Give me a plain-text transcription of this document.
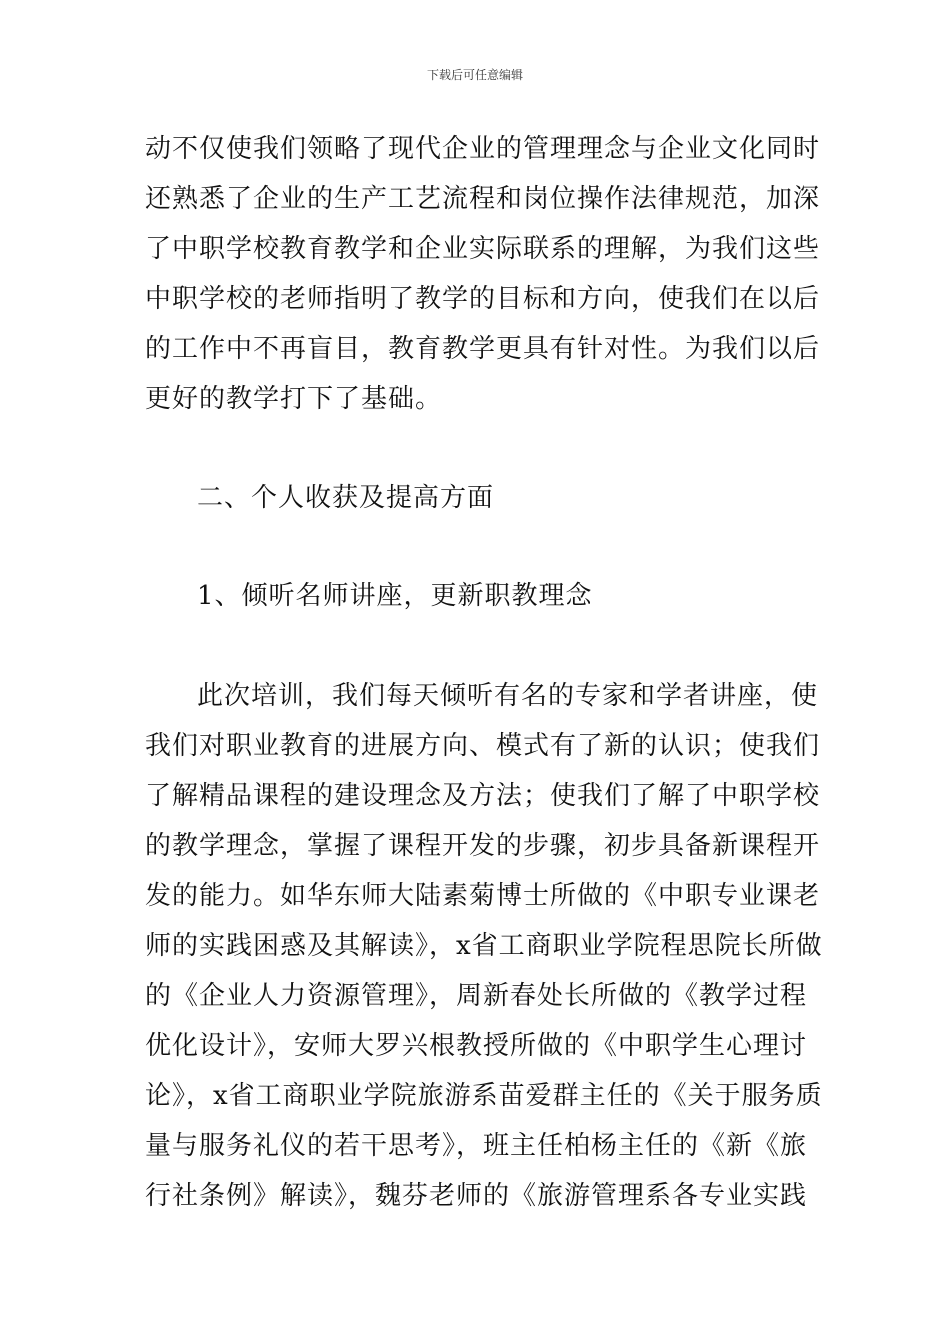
下载后可任意编辑
动不仅使我们领略了现代企业的管理理念与企业文化同时
还熟悉了企业的生产工艺流程和岗位操作法律规范，加深
了中职学校教育教学和企业实际联系的理解，为我们这些
中职学校的老师指明了教学的目标和方向，使我们在以后
的工作中不再盲目，教育教学更具有针对性。为我们以后
更好的教学打下了基础。
二、个人收获及提高方面
1、倾听名师讲座，更新职教理念
此次培训，我们每天倾听有名的专家和学者讲座，使
我们对职业教育的进展方向、模式有了新的认识；使我们
了解精品课程的建设理念及方法；使我们了解了中职学校
的教学理念，掌握了课程开发的步骤，初步具备新课程开
发的能力。如华东师大陆素菊博士所做的《中职专业课老
师的实践困惑及其解读》，x省工商职业学院程思院长所做
的《企业人力资源管理》，周新春处长所做的《教学过程
优化设计》，安师大罗兴根教授所做的《中职学生心理讨
论》，x省工商职业学院旅游系苗爱群主任的《关于服务质
量与服务礼仪的若干思考》，班主任柏杨主任的《新《旅
行社条例》解读》，魏芬老师的《旅游管理系各专业实践
